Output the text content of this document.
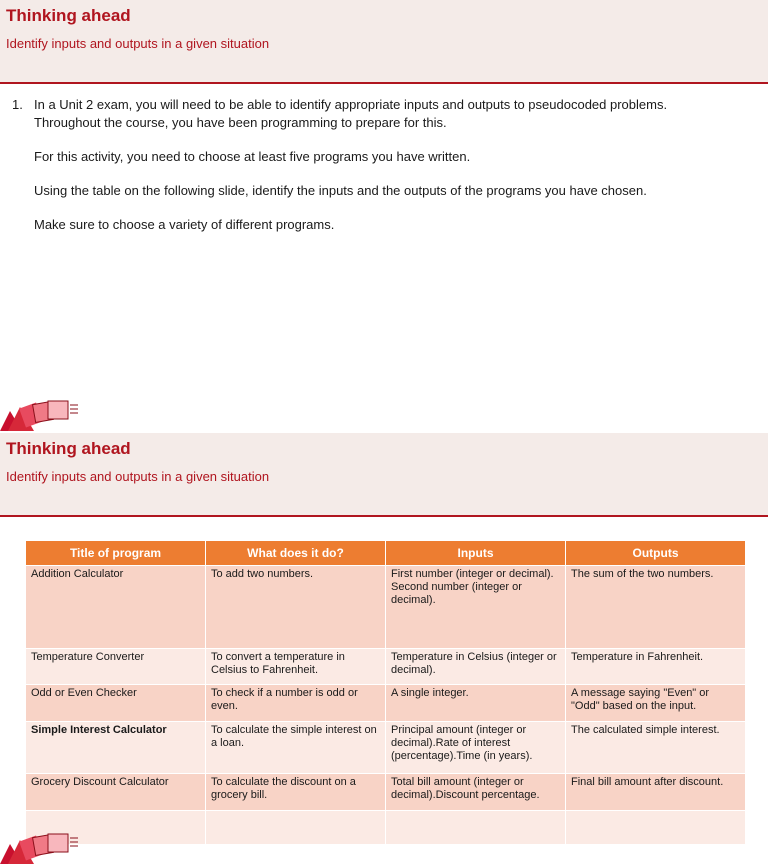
Thinking ahead
Identify inputs and outputs in a given situation
1. In a Unit 2 exam, you will need to be able to identify appropriate inputs and outputs to pseudocoded problems. Throughout the course, you have been programming to prepare for this.

For this activity, you need to choose at least five programs you have written.

Using the table on the following slide, identify the inputs and the outputs of the programs you have chosen.

Make sure to choose a variety of different programs.

Thinking ahead
Identify inputs and outputs in a given situation
Title of program	What does it do?	Inputs	Outputs
Addition Calculator	To add two numbers.	First number (integer or decimal).
Second number (integer or decimal).	The sum of the two numbers.
Temperature Converter	To convert a temperature in Celsius to Fahrenheit.	Temperature in Celsius (integer or decimal).	Temperature in Fahrenheit.
Odd or Even Checker	To check if a number is odd or even.	A single integer.	A message saying "Even" or "Odd" based on the input.
Simple Interest Calculator	To calculate the simple interest on a loan.	Principal amount (integer or decimal).Rate of interest (percentage).Time (in years).	The calculated simple interest.
Grocery Discount Calculator	To calculate the discount on a grocery bill.	Total bill amount (integer or decimal).Discount percentage.	Final bill amount after discount.
